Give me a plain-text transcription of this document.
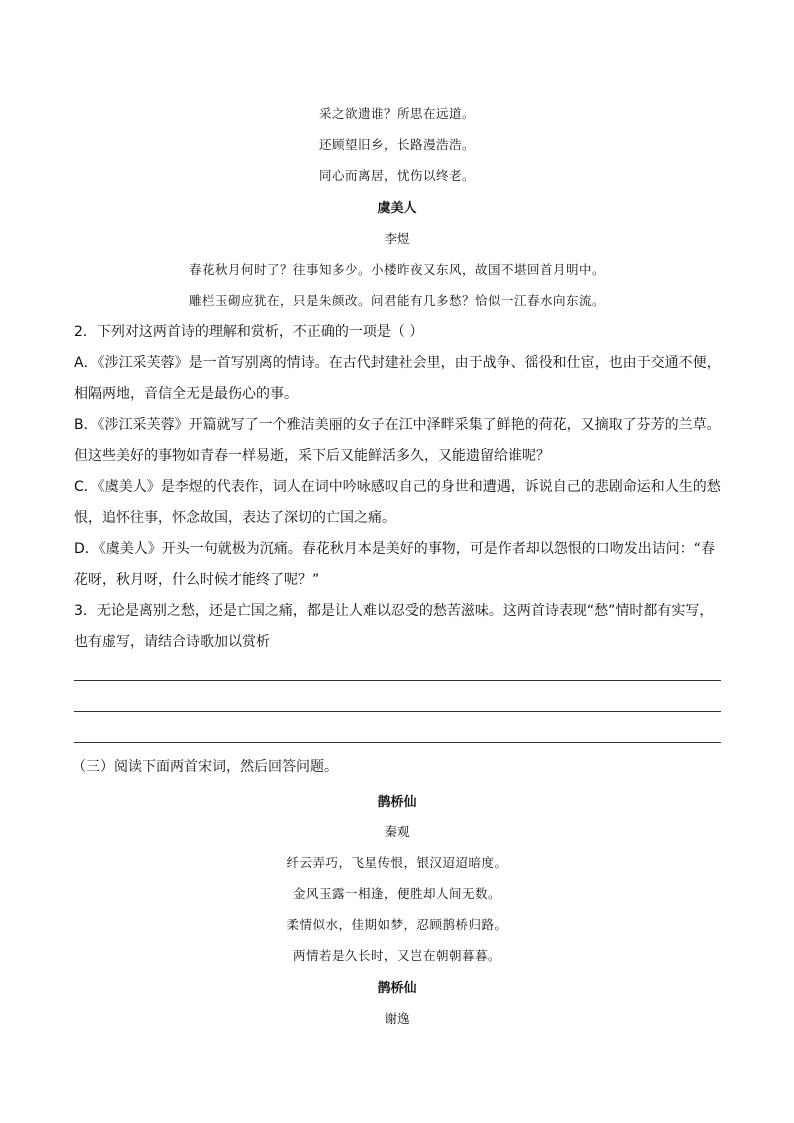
采之欲遗谁？所思在远道。
还顾望旧乡，长路漫浩浩。
同心而离居，忧伤以终老。
虞美人
李煜
春花秋月何时了？往事知多少。小楼昨夜又东风，故国不堪回首月明中。
雕栏玉砌应犹在，只是朱颜改。问君能有几多愁？恰似一江春水向东流。
2．下列对这两首诗的理解和赏析，不正确的一项是（ ）
A．《涉江采芙蓉》是一首写别离的情诗。在古代封建社会里，由于战争、徭役和仕宦，也由于交通不便，相隔两地，音信全无是最伤心的事。
B．《涉江采芙蓉》开篇就写了一个雅洁美丽的女子在江中泽畔采集了鲜艳的荷花，又摘取了芬芳的兰草。但这些美好的事物如青春一样易逝，采下后又能鲜活多久，又能遗留给谁呢？
C．《虞美人》是李煜的代表作，词人在词中吟咏感叹自己的身世和遭遇，诉说自己的悲剧命运和人生的愁恨，追怀往事，怀念故国，表达了深切的亡国之痛。
D．《虞美人》开头一句就极为沉痛。春花秋月本是美好的事物，可是作者却以怨恨的口吻发出诘问：“春花呀，秋月呀，什么时候才能终了呢？”
3．无论是离别之愁，还是亡国之痛，都是让人难以忍受的愁苦滋味。这两首诗表现“愁”情时都有实写，也有虚写，请结合诗歌加以赏析
（三）阅读下面两首宋词，然后回答问题。
鹊桥仙
秦观
纤云弄巧，飞星传恨，银汉迢迢暗度。
金风玉露一相逢，便胜却人间无数。
柔情似水，佳期如梦，忍顾鹊桥归路。
两情若是久长时，又岂在朝朝暮暮。
鹊桥仙
谢逸
